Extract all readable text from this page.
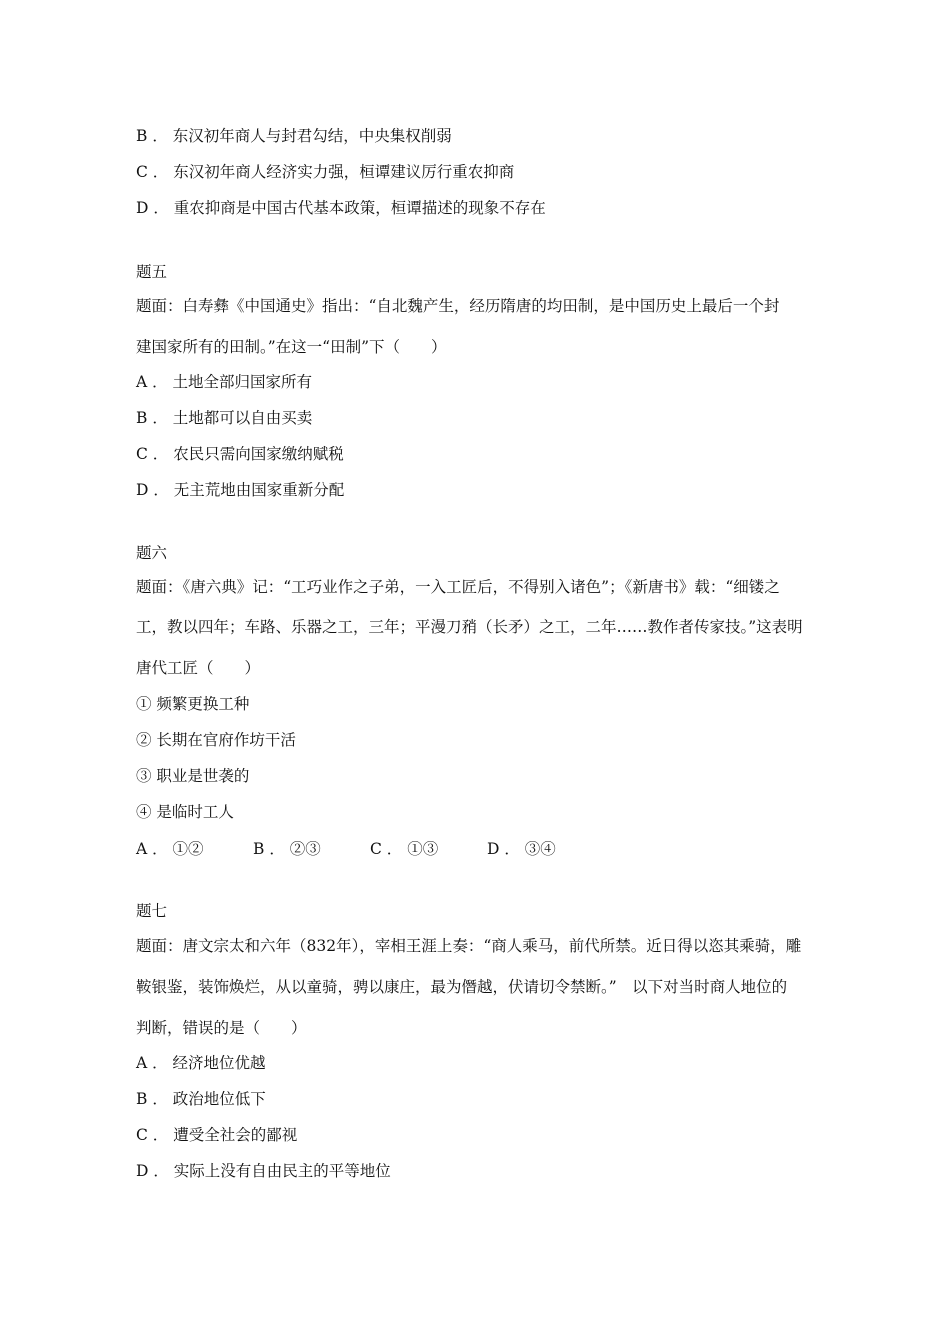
B ． 东汉初年商人与封君勾结，中央集权削弱
C ． 东汉初年商人经济实力强，桓谭建议厉行重农抑商
D ． 重农抑商是中国古代基本政策，桓谭描述的现象不存在
题五
题面：白寿彝《中国通史》指出：“自北魏产生，经历隋唐的均田制，是中国历史上最后一个封
建国家所有的田制。”在这一“田制”下（　　）
A ． 土地全部归国家所有
B ． 土地都可以自由买卖
C ． 农民只需向国家缴纳赋税
D ． 无主荒地由国家重新分配
题六
题面：《唐六典》记：“工巧业作之子弟，一入工匠后，不得别入诸色”；《新唐书》载：“细镂之
工，教以四年；车路、乐器之工，三年；平漫刀矟（长矛）之工，二年……教作者传家技。”这表明
唐代工匠（　　）
① 频繁更换工种
② 长期在官府作坊干活
③ 职业是世袭的
④ 是临时工人
A ． ①②	B ． ②③	C ． ①③	D ． ③④
题七
题面：唐文宗太和六年（832年），宰相王涯上奏：“商人乘马，前代所禁。近日得以恣其乘骑，雕
鞍银鉴，装饰焕烂，从以童骑，骋以康庄，最为僭越，伏请切令禁断。”　以下对当时商人地位的
判断，错误的是（　　）
A ． 经济地位优越
B ． 政治地位低下
C ． 遭受全社会的鄙视
D ． 实际上没有自由民主的平等地位
